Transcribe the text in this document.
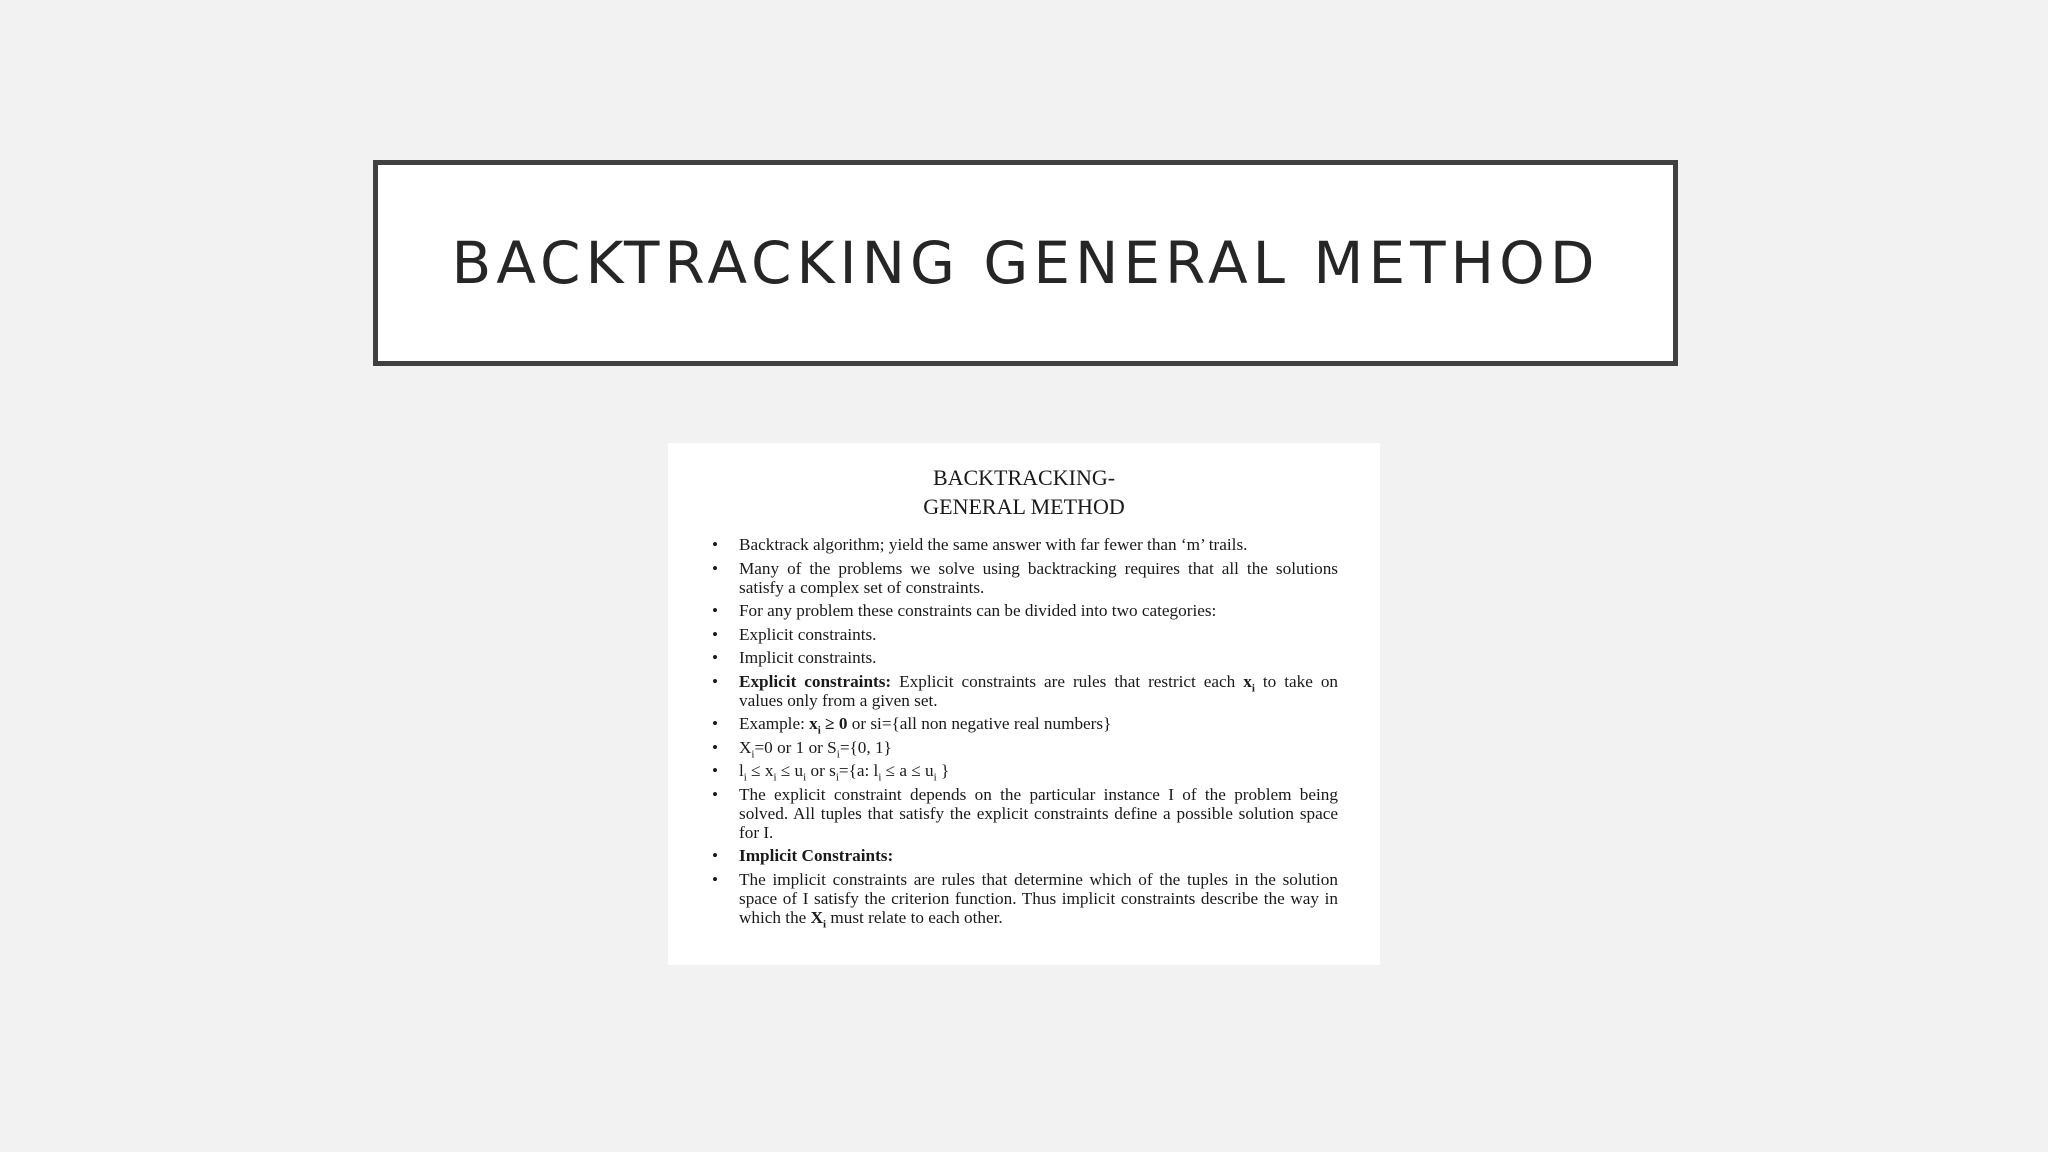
BACKTRACKING GENERAL METHOD
BACKTRACKING-
GENERAL METHOD
• Backtrack algorithm; yield the same answer with far fewer than ‘m’ trails.
• Many of the problems we solve using backtracking requires that all the solutions satisfy a complex set of constraints.
• For any problem these constraints can be divided into two categories:
• Explicit constraints.
• Implicit constraints.
• Explicit constraints: Explicit constraints are rules that restrict each $x_i$ to take on values only from a given set.
• Example: $x_i \ge 0$ or si={all non negative real numbers}
• $X_i=0$ or 1 or $S_i=\{0$, 1}
• $l_i \le x_i \le u_i$ or $s_i=\{a$: $l_i \le a \le u_i$ }
• The explicit constraint depends on the particular instance I of the problem being solved. All tuples that satisfy the explicit constraints define a possible solution space for I.
• Implicit Constraints:
• The implicit constraints are rules that determine which of the tuples in the solution space of I satisfy the criterion function. Thus implicit constraints describe the way in which the $X_i$ must relate to each other.
